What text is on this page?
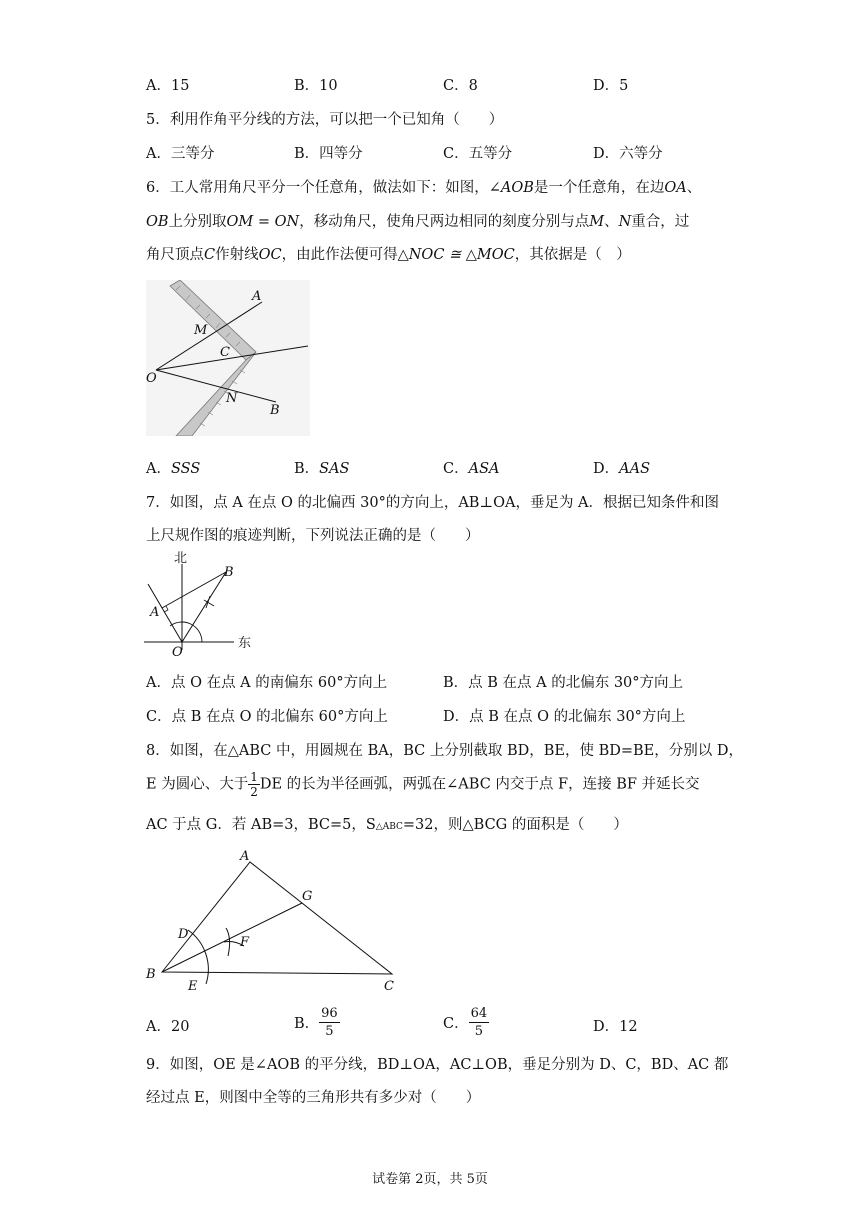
A．15	B．10	C．8	D．5
5．利用作角平分线的方法，可以把一个已知角（　　）
A．三等分	B．四等分	C．五等分	D．六等分
6．工人常用角尺平分一个任意角，做法如下：如图，∠AOB是一个任意角，在边OA、
OB上分别取OM = ON，移动角尺，使角尺两边相同的刻度分别与点M、N重合，过
角尺顶点C作射线OC，由此作法便可得△NOC ≅ △MOC，其依据是（　）
A
M
C
O
N
B
A．SSS	B．SAS	C．ASA	D．AAS
7．如图，点 A 在点 O 的北偏西 30°的方向上，AB⊥OA，垂足为 A．根据已知条件和图
上尺规作图的痕迹判断，下列说法正确的是（　　）
北
东
A
B
O
A．点 O 在点 A 的南偏东 60°方向上	B．点 B 在点 A 的北偏东 30°方向上
C．点 B 在点 O 的北偏东 60°方向上	D．点 B 在点 O 的北偏东 30°方向上
8．如图，在△ABC 中，用圆规在 BA，BC 上分别截取 BD，BE，使 BD=BE，分别以 D，
E 为圆心、大于 $\frac{1}{2}$ DE 的长为半径画弧，两弧在∠ABC 内交于点 F，连接 BF 并延长交
AC 于点 G．若 AB=3，BC=5，S△ABC=32，则△BCG 的面积是（　　）
A
G
D
F
B
E	C
A．20	B． $\frac{96}{5}$	C． $\frac{64}{5}$	D．12
9．如图，OE 是∠AOB 的平分线，BD⊥OA，AC⊥OB，垂足分别为 D、C，BD、AC 都
经过点 E，则图中全等的三角形共有多少对（　　）
试卷第 2页，共 5页
